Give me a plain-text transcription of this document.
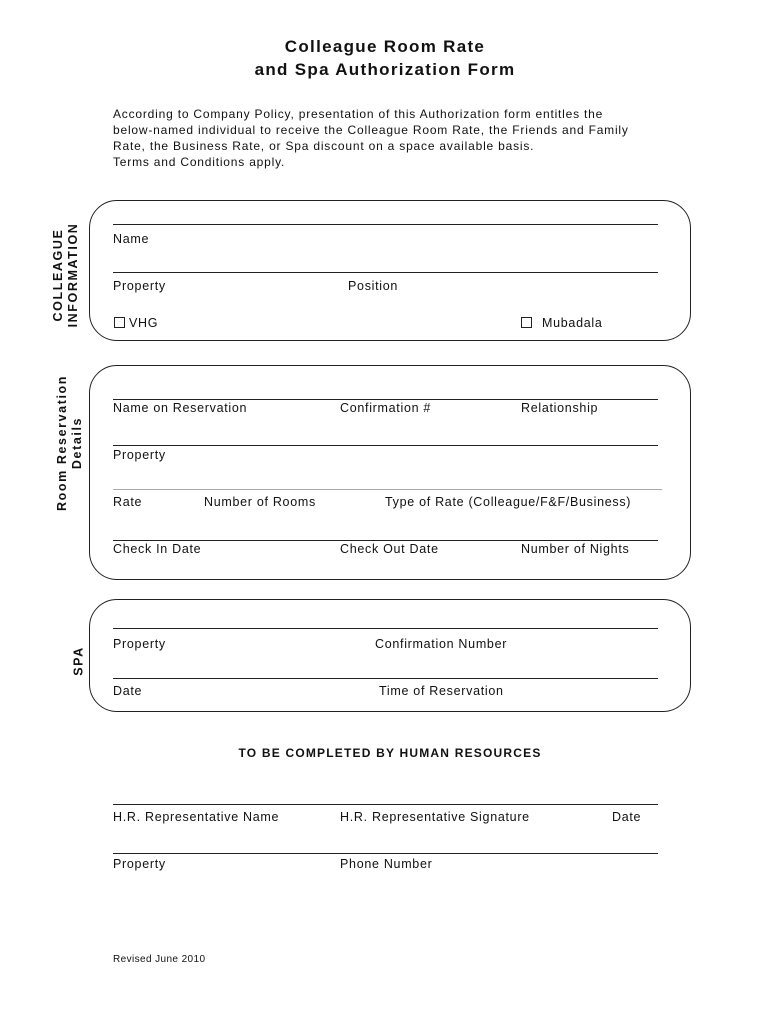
Colleague Room Rate
and Spa Authorization Form
According to Company Policy, presentation of this Authorization form entitles the
below-named individual to receive the Colleague Room Rate, the Friends and Family
Rate, the Business Rate, or Spa discount on a space available basis.
Terms and Conditions apply.
COLLEAGUE INFORMATION	Name
Property	Position
VHG	Mubadala
Room Reservation Details
Name on Reservation	Confirmation #	Relationship
Property
Rate	Number of Rooms	Type of Rate (Colleague/F&F/Business)
Check In Date	Check Out Date	Number of Nights
SPA
Property	Confirmation Number
Date	Time of Reservation
TO BE COMPLETED BY HUMAN RESOURCES
H.R. Representative Name	H.R. Representative Signature	Date
Property	Phone Number
Revised June 2010
